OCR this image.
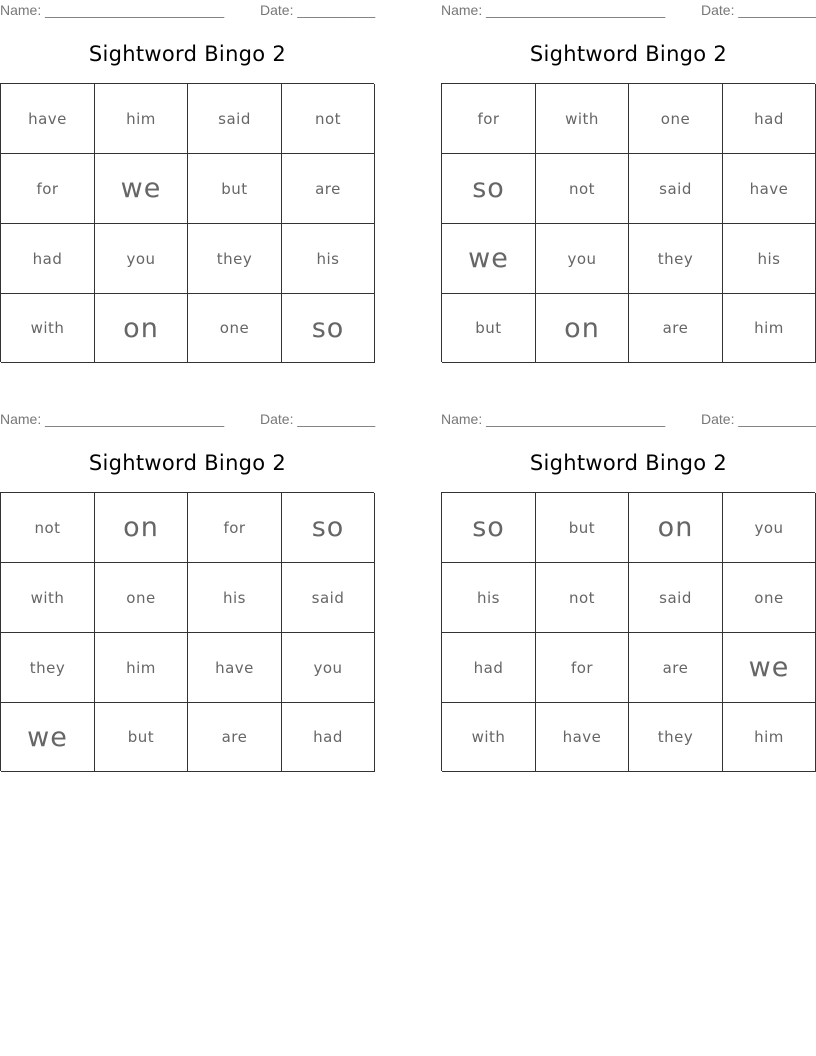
Name: _______________________	Date: __________
Sightword Bingo 2
have	him	said	not
for	we	but	are
had	you	they	his
with	on	one	so
Name: _______________________	Date: __________
Sightword Bingo 2
for	with	one	had
so	not	said	have
we	you	they	his
but	on	are	him
Name: _______________________	Date: __________
Sightword Bingo 2
not	on	for	so
with	one	his	said
they	him	have	you
we	but	are	had
Name: _______________________	Date: __________
Sightword Bingo 2
so	but	on	you
his	not	said	one
had	for	are	we
with	have	they	him
